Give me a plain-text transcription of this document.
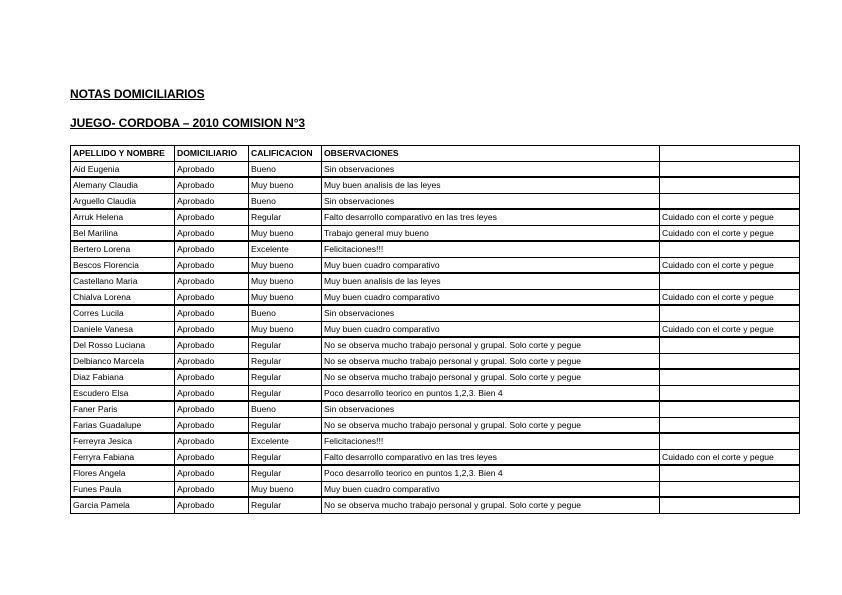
NOTAS DOMICILIARIOS
JUEGO- CORDOBA – 2010 COMISION N°3
APELLIDO Y NOMBRE	DOMICILIARIO	CALIFICACION	OBSERVACIONES	
Aid Eugenia	Aprobado	Bueno	Sin observaciones	
Alemany Claudia	Aprobado	Muy bueno	Muy buen analisis de las leyes	
Arguello Claudia	Aprobado	Bueno	Sin observaciones	
Arruk Helena	Aprobado	Regular	Falto desarrollo comparativo en las tres leyes	Cuidado con el corte y pegue
Bel Marilina	Aprobado	Muy bueno	Trabajo general muy bueno	Cuidado con el corte y pegue
Bertero Lorena	Aprobado	Excelente	Felicitaciones!!!	
Bescos Florencia	Aprobado	Muy bueno	Muy buen cuadro comparativo	Cuidado con el corte y pegue
Castellano Maria	Aprobado	Muy bueno	Muy buen analisis de las leyes	
Chialva Lorena	Aprobado	Muy bueno	Muy buen cuadro comparativo	Cuidado con el corte y pegue
Corres Lucila	Aprobado	Bueno	Sin observaciones	
Daniele Vanesa	Aprobado	Muy bueno	Muy buen cuadro comparativo	Cuidado con el corte y pegue
Del Rosso Luciana	Aprobado	Regular	No se observa mucho trabajo personal y grupal. Solo corte y pegue	
Delbianco Marcela	Aprobado	Regular	No se observa mucho trabajo personal y grupal. Solo corte y pegue	
Diaz Fabiana	Aprobado	Regular	No se observa mucho trabajo personal y grupal. Solo corte y pegue	
Escudero Elsa	Aprobado	Regular	Poco desarrollo teorico en puntos 1,2,3. Bien 4	
Faner Paris	Aprobado	Bueno	Sin observaciones	
Farias Guadalupe	Aprobado	Regular	No se observa mucho trabajo personal y grupal. Solo corte y pegue	
Ferreyra Jesica	Aprobado	Excelente	Felicitaciones!!!	
Ferryra Fabiana	Aprobado	Regular	Falto desarrollo comparativo en las tres leyes	Cuidado con el corte y pegue
Flores Angela	Aprobado	Regular	Poco desarrollo teorico en puntos 1,2,3. Bien 4	
Funes Paula	Aprobado	Muy bueno	Muy buen cuadro comparativo	
Garcia Pamela	Aprobado	Regular	No se observa mucho trabajo personal y grupal. Solo corte y pegue	
